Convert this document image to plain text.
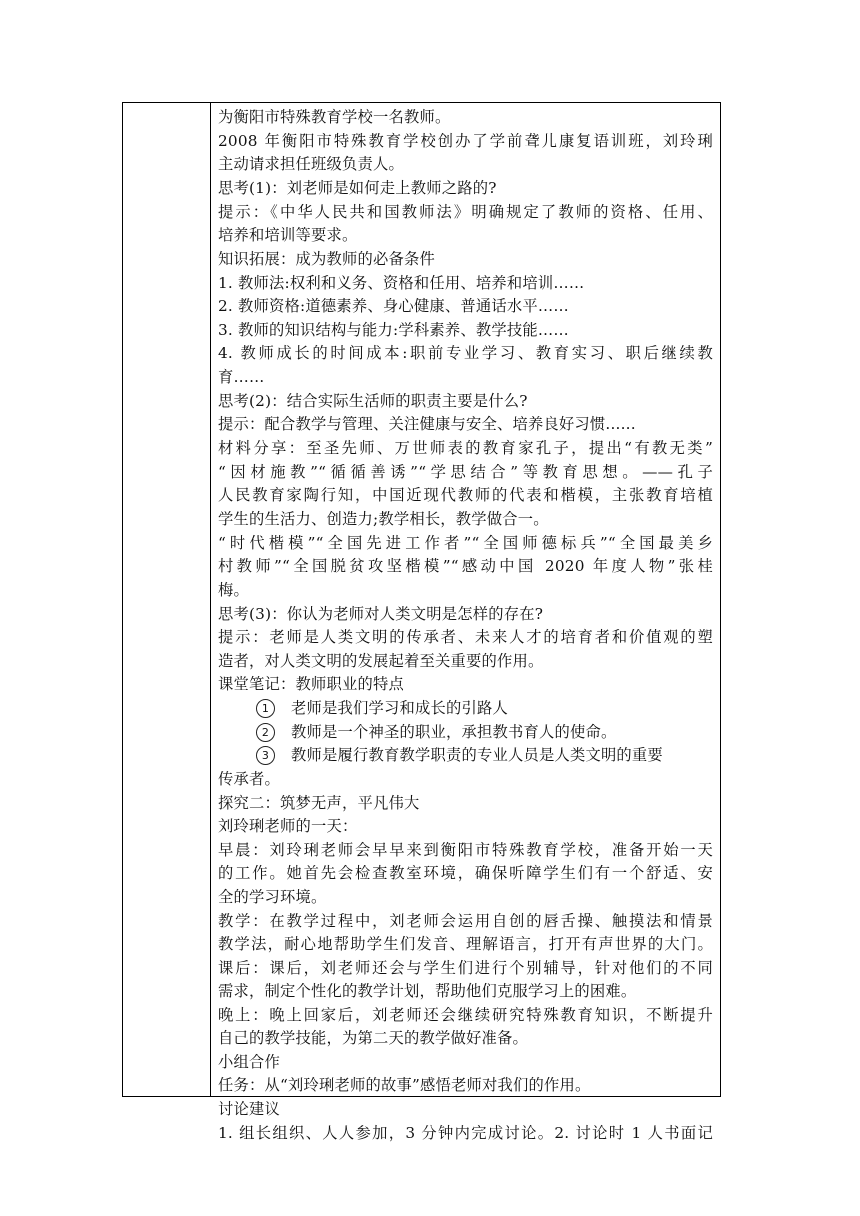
为衡阳市特殊教育学校一名教师。
2008 年衡阳市特殊教育学校创办了学前聋儿康复语训班，刘玲琍
主动请求担任班级负责人。
思考(1)：刘老师是如何走上教师之路的?
提示：《中华人民共和国教师法》明确规定了教师的资格、任用、
培养和培训等要求。
知识拓展：成为教师的必备条件
1. 教师法:权利和义务、资格和任用、培养和培训……
2. 教师资格:道德素养、身心健康、普通话水平……
3. 教师的知识结构与能力:学科素养、教学技能……
4. 教师成长的时间成本:职前专业学习、教育实习、职后继续教
育……
思考(2)：结合实际生活师的职责主要是什么?
提示：配合教学与管理、关注健康与安全、培养良好习惯......
材料分享：至圣先师、万世师表的教育家孔子，提出“有教无类”
“因材施教”“循循善诱”“学思结合”等教育思想。——孔子
人民教育家陶行知，中国近现代教师的代表和楷模，主张教育培植
学生的生活力、创造力;教学相长，教学做合一。
“时代楷模”“全国先进工作者”“全国师德标兵”“全国最美乡
村教师”“全国脱贫攻坚楷模”“感动中国 2020 年度人物”张桂
梅。
思考(3)：你认为老师对人类文明是怎样的存在?
提示：老师是人类文明的传承者、未来人才的培育者和价值观的塑
造者，对人类文明的发展起着至关重要的作用。
课堂笔记：教师职业的特点
1 老师是我们学习和成长的引路人
2 教师是一个神圣的职业，承担教书育人的使命。
3 教师是履行教育教学职责的专业人员是人类文明的重要
传承者。
探究二：筑梦无声，平凡伟大
刘玲琍老师的一天：
早晨：刘玲琍老师会早早来到衡阳市特殊教育学校，准备开始一天
的工作。她首先会检查教室环境，确保听障学生们有一个舒适、安
全的学习环境。
教学：在教学过程中，刘老师会运用自创的唇舌操、触摸法和情景
教学法，耐心地帮助学生们发音、理解语言，打开有声世界的大门。
课后：课后，刘老师还会与学生们进行个别辅导，针对他们的不同
需求，制定个性化的教学计划，帮助他们克服学习上的困难。
晚上：晚上回家后，刘老师还会继续研究特殊教育知识，不断提升
自己的教学技能，为第二天的教学做好准备。
小组合作
任务：从“刘玲琍老师的故事”感悟老师对我们的作用。
讨论建议
1. 组长组织、人人参加，3 分钟内完成讨论。2. 讨论时 1 人书面记
